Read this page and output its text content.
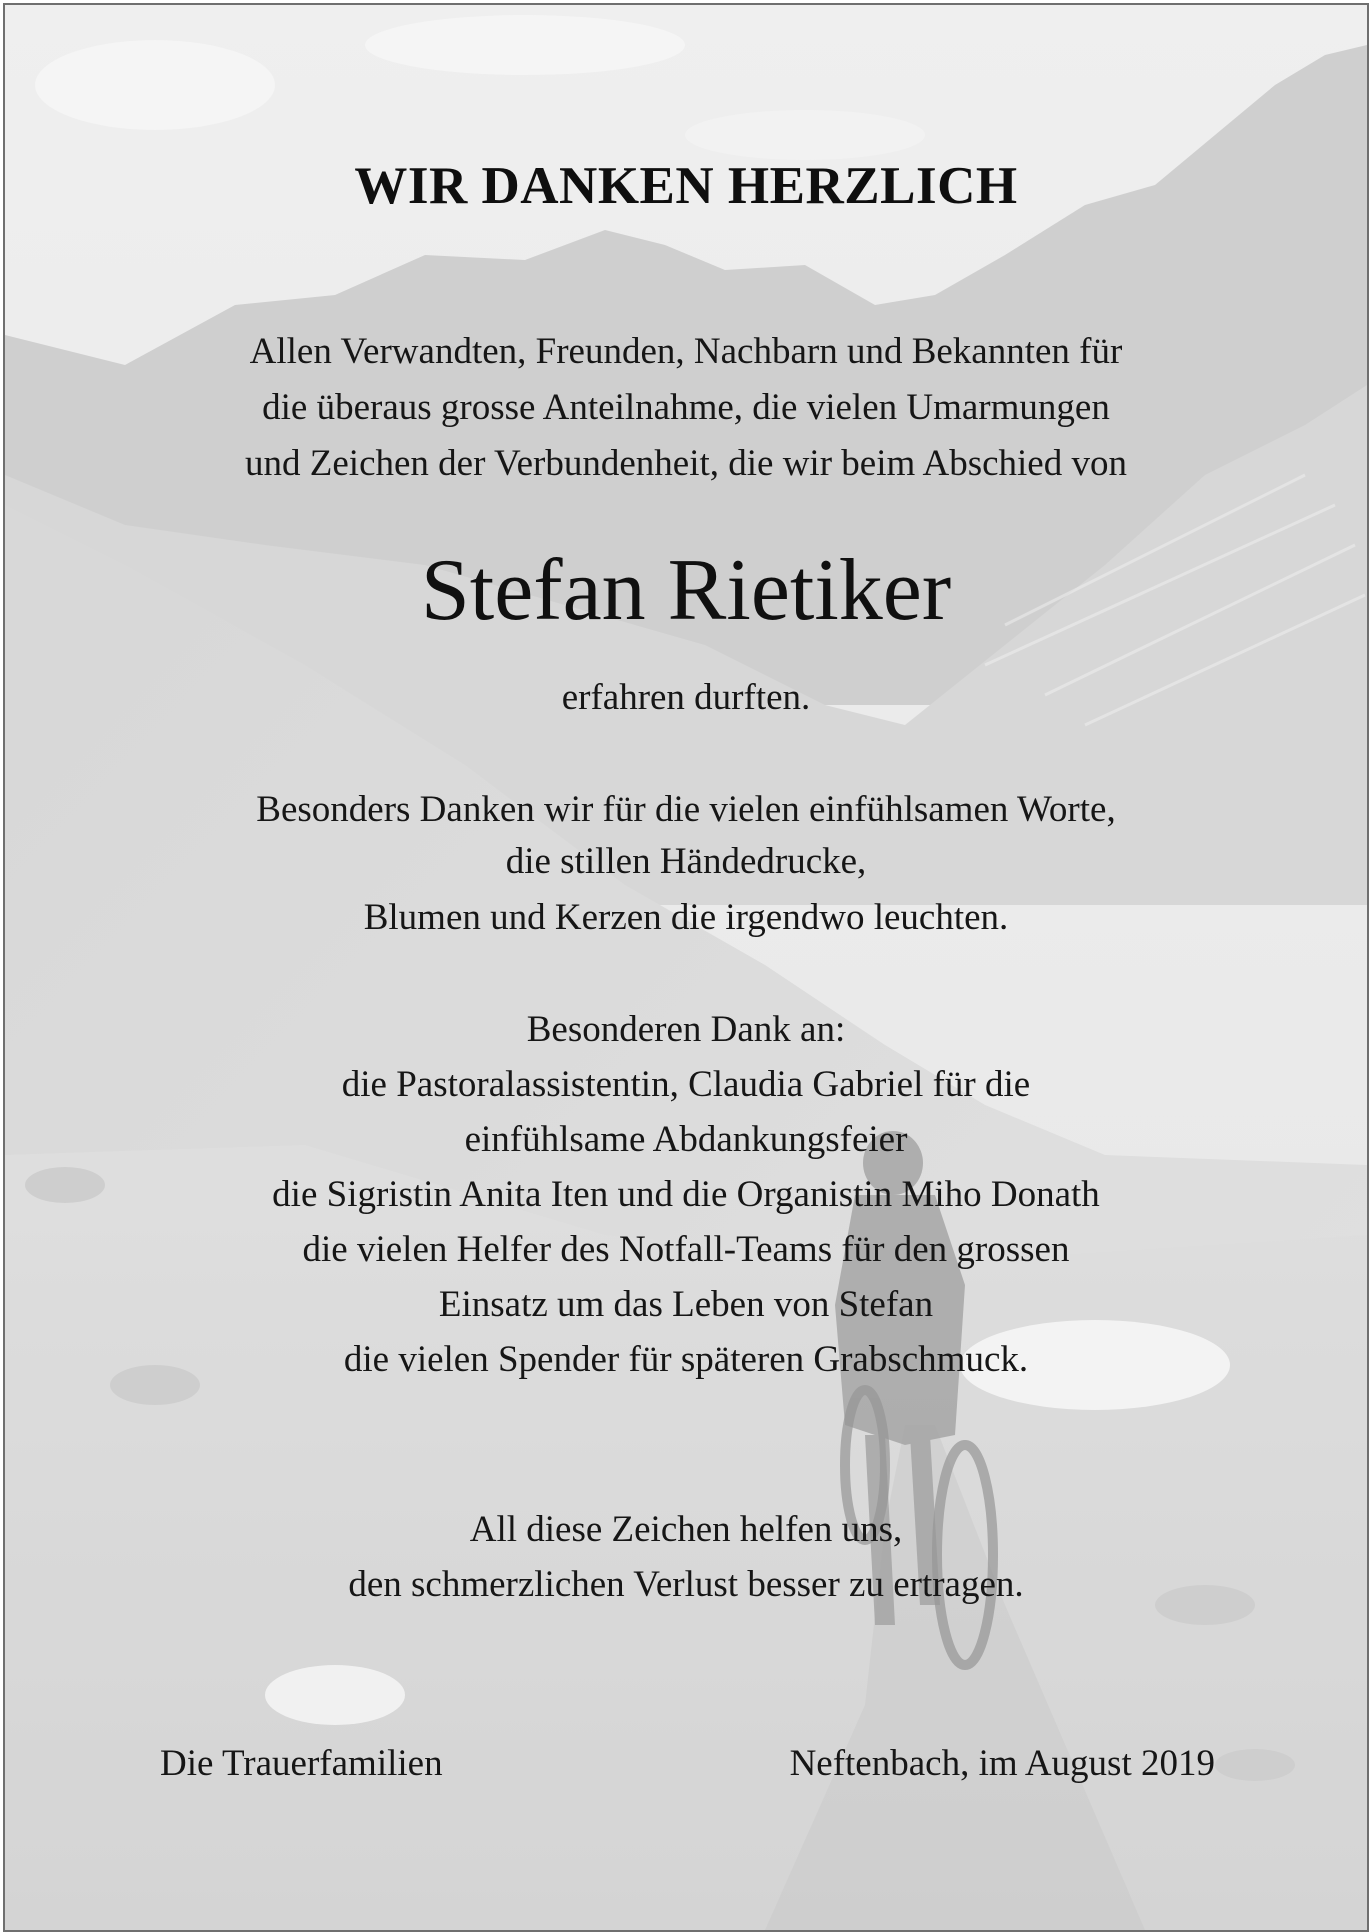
WIR DANKEN HERZLICH
Allen Verwandten, Freunden, Nachbarn und Bekannten für
die überaus grosse Anteilnahme, die vielen Umarmungen
und Zeichen der Verbundenheit, die wir beim Abschied von
Stefan Rietiker
erfahren durften.
Besonders Danken wir für die vielen einfühlsamen Worte,
die stillen Händedrucke,
Blumen und Kerzen die irgendwo leuchten.
Besonderen Dank an:
die Pastoralassistentin, Claudia Gabriel für die
einfühlsame Abdankungsfeier
die Sigristin Anita Iten und die Organistin Miho Donath
die vielen Helfer des Notfall-Teams für den grossen
Einsatz um das Leben von Stefan
die vielen Spender für späteren Grabschmuck.
All diese Zeichen helfen uns,
den schmerzlichen Verlust besser zu ertragen.
Die Trauerfamilien	Neftenbach, im August 2019
